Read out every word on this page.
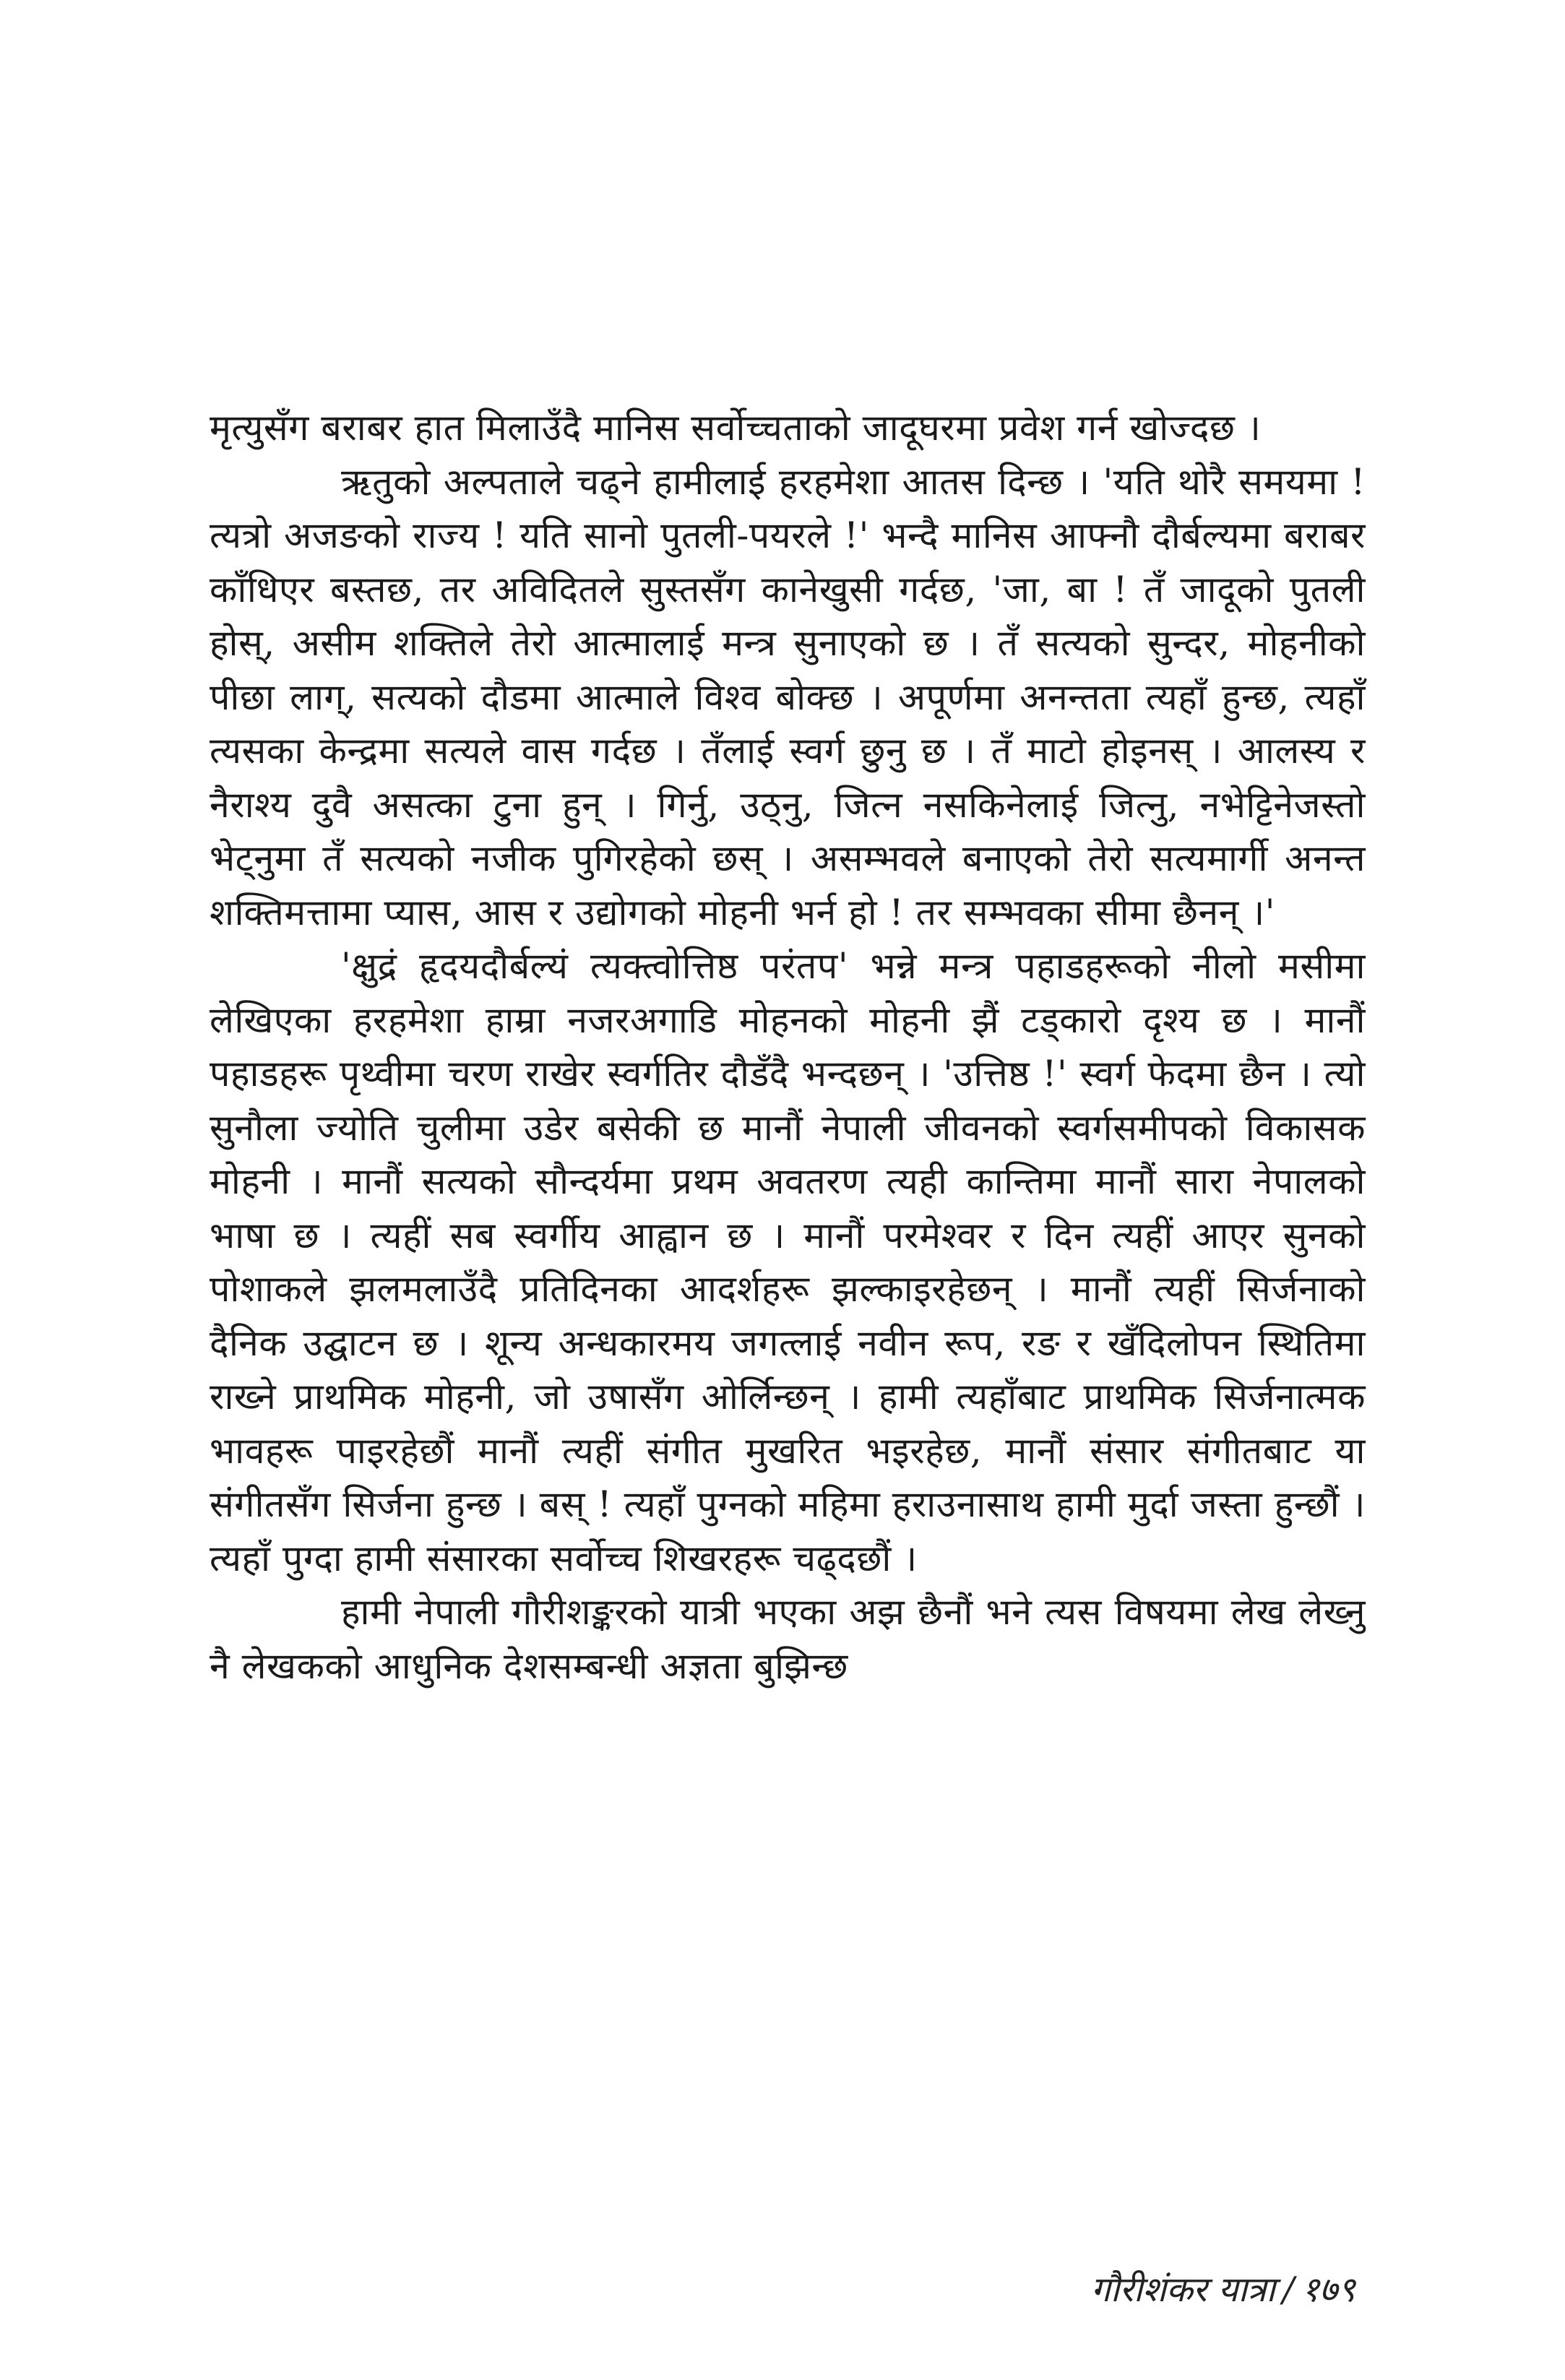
मृत्युसँग बराबर हात मिलाउँदै मानिस सर्वोच्चताको जादूघरमा प्रवेश गर्न खोज्दछ ।

ऋतुको अल्पताले चढ्ने हामीलाई हरहमेशा आतस दिन्छ । 'यति थोरै समयमा ! त्यत्रो अजङको राज्य ! यति सानो पुतली-पयरले !' भन्दै मानिस आफ्नौ दौर्बल्यमा बराबर काँधिएर बस्तछ, तर अविदितले सुस्तसँग कानेखुसी गर्दछ, 'जा, बा ! तँ जादूको पुतली होस्, असीम शक्तिले तेरो आत्मालाई मन्त्र सुनाएको छ । तँ सत्यको सुन्दर, मोहनीको पीछा लाग्, सत्यको दौडमा आत्माले विश्व बोक्छ । अपूर्णमा अनन्तता त्यहाँ हुन्छ, त्यहाँ त्यसका केन्द्रमा सत्यले वास गर्दछ । तँलाई स्वर्ग छुनु छ । तँ माटो होइनस् । आलस्य र नैराश्य दुवै असत्का टुना हुन् । गिर्नु, उठ्नु, जित्न नसकिनेलाई जित्नु, नभेट्टिनेजस्तो भेट्नुमा तँ सत्यको नजीक पुगिरहेको छस् । असम्भवले बनाएको तेरो सत्यमार्गी अनन्त शक्तिमत्तामा प्यास, आस र उद्योगको मोहनी भर्न हो ! तर सम्भवका सीमा छैनन् ।'

'क्षुद्रं हृदयदौर्बल्यं त्यक्त्वोत्तिष्ठ परंतप' भन्ने मन्त्र पहाडहरूको नीलो मसीमा लेखिएका हरहमेशा हाम्रा नजरअगाडि मोहनको मोहनी झैं टड्कारो दृश्य छ । मानौं पहाडहरू पृथ्वीमा चरण राखेर स्वर्गतिर दौडँदै भन्दछन् । 'उत्तिष्ठ !' स्वर्ग फेदमा छैन । त्यो सुनौला ज्योति चुलीमा उडेर बसेकी छ मानौं नेपाली जीवनको स्वर्गसमीपको विकासक मोहनी । मानौं सत्यको सौन्दर्यमा प्रथम अवतरण त्यही कान्तिमा मानौं सारा नेपालको भाषा छ । त्यहीं सब स्वर्गीय आह्वान छ । मानौं परमेश्वर र दिन त्यहीं आएर सुनको पोशाकले झलमलाउँदै प्रतिदिनका आदर्शहरू झल्काइरहेछन् । मानौं त्यहीं सिर्जनाको दैनिक उद्घाटन छ । शून्य अन्धकारमय जगत्लाई नवीन रूप, रङ र खँदिलोपन स्थितिमा राख्ने प्राथमिक मोहनी, जो उषासँग ओर्लिन्छन् । हामी त्यहाँबाट प्राथमिक सिर्जनात्मक भावहरू पाइरहेछौं मानौं त्यहीं संगीत मुखरित भइरहेछ, मानौं संसार संगीतबाट या संगीतसँग सिर्जना हुन्छ । बस् ! त्यहाँ पुग्नको महिमा हराउनासाथ हामी मुर्दा जस्ता हुन्छौं । त्यहाँ पुग्दा हामी संसारका सर्वोच्च शिखरहरू चढ्दछौं ।

हामी नेपाली गौरीशङ्करको यात्री भएका अझ छैनौं भने त्यस विषयमा लेख लेख्नु नै लेखकको आधुनिक देशसम्बन्धी अज्ञता बुझिन्छ

गौरीशंकर यात्रा / १७९
